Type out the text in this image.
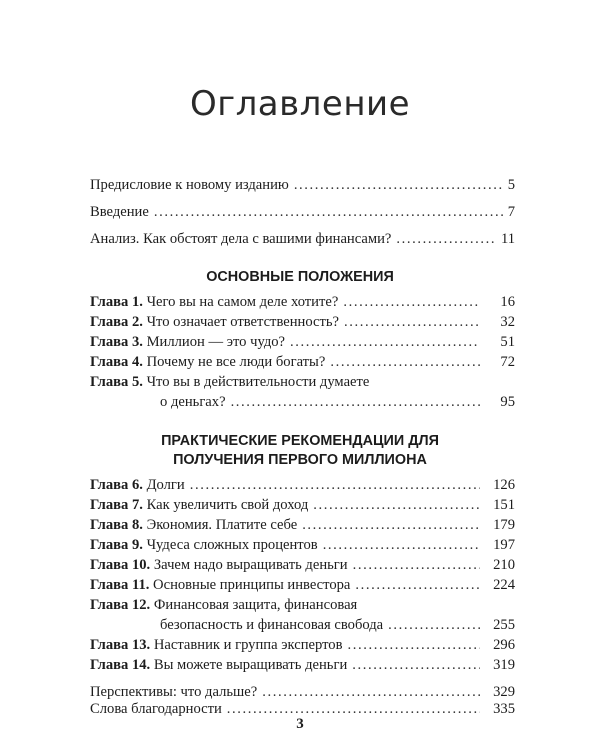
Оглавление
Предисловие к новому изданию .....	5
Введение .....	7
Анализ. Как обстоят дела с вашими финансами? .....	11
ОСНОВНЫЕ ПОЛОЖЕНИЯ
Глава 1. Чего вы на самом деле хотите? .....	16
Глава 2. Что означает ответственность? .....	32
Глава 3. Миллион — это чудо? .....	51
Глава 4. Почему не все люди богаты? .....	72
Глава 5. Что вы в действительности думаете
о деньгах? .....	95
ПРАКТИЧЕСКИЕ РЕКОМЕНДАЦИИ ДЛЯ
ПОЛУЧЕНИЯ ПЕРВОГО МИЛЛИОНА
Глава 6. Долги .....	126
Глава 7. Как увеличить свой доход .....	151
Глава 8. Экономия. Платите себе .....	179
Глава 9. Чудеса сложных процентов .....	197
Глава 10. Зачем надо выращивать деньги .....	210
Глава 11. Основные принципы инвестора .....	224
Глава 12. Финансовая защита, финансовая
безопасность и финансовая свобода .....	255
Глава 13. Наставник и группа экспертов .....	296
Глава 14. Вы можете выращивать деньги .....	319
Перспективы: что дальше? .....	329
Слова благодарности .....	335
3
